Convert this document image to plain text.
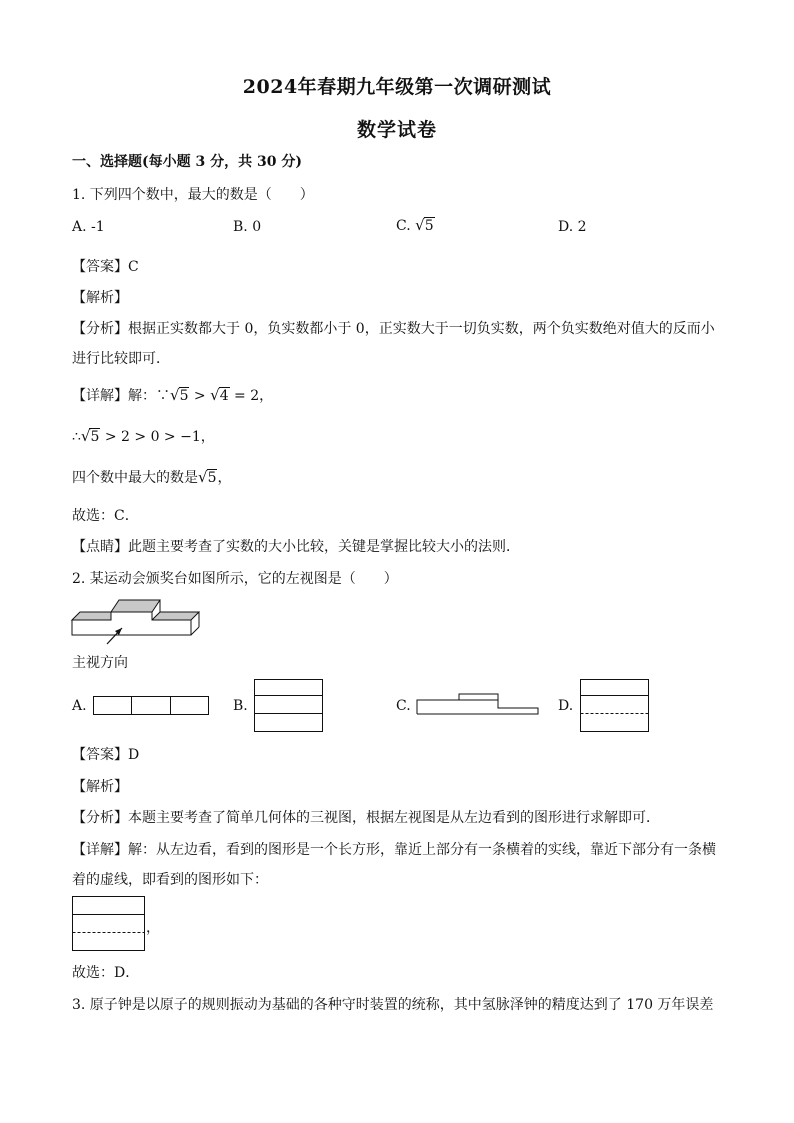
2024年春期九年级第一次调研测试
数学试卷
一、选择题(每小题 3 分，共 30 分)
1. 下列四个数中，最大的数是（　　）
A. -1	B. 0	C. √5	D. 2
【答案】C
【解析】
【分析】根据正实数都大于 0，负实数都小于 0，正实数大于一切负实数，两个负实数绝对值大的反而小
进行比较即可．
【详解】解：∵√5 > √4 = 2，
∴√5 > 2 > 0 > −1，
四个数中最大的数是√5，
故选：C．
【点睛】此题主要考查了实数的大小比较，关键是掌握比较大小的法则．
2. 某运动会颁奖台如图所示，它的左视图是（　　）
主视方向
A.	B.	C.	D.
【答案】D
【解析】
【分析】本题主要考查了简单几何体的三视图，根据左视图是从左边看到的图形进行求解即可．
【详解】解：从左边看，看到的图形是一个长方形，靠近上部分有一条横着的实线，靠近下部分有一条横
着的虚线，即看到的图形如下：
，
故选：D．
3. 原子钟是以原子的规则振动为基础的各种守时装置的统称，其中氢脉泽钟的精度达到了 170 万年误差
